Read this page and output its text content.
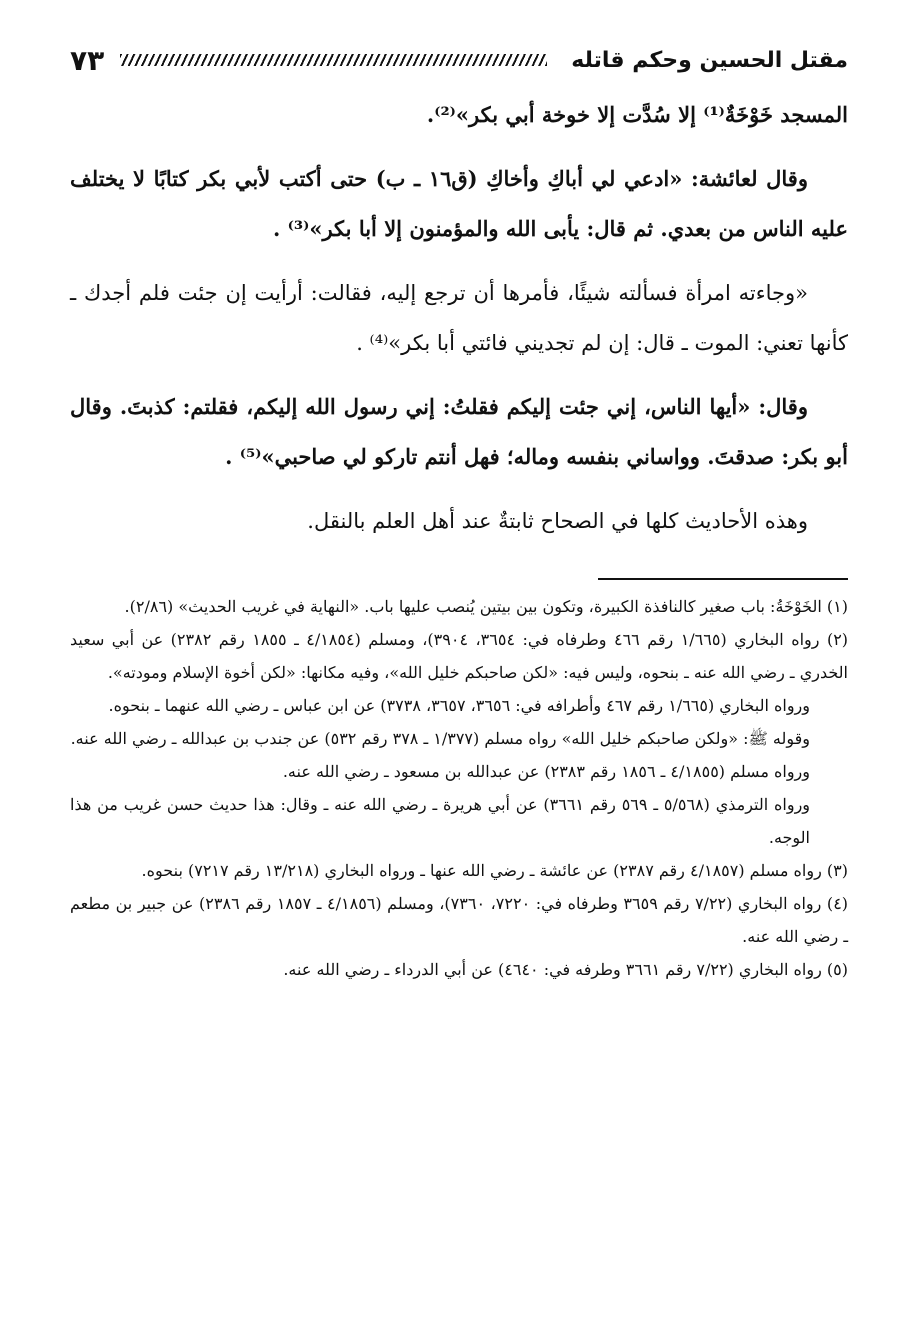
مقتل الحسين وحكم قاتله
٧٣

المسجد خَوْخَةٌ⁽¹⁾ إلا سُدَّت إلا خوخة أبي بكر»⁽²⁾.

وقال لعائشة: «ادعي لي أباكِ وأخاكِ (ق١٦ ـ ب) حتى أكتب لأبي بكر كتابًا لا يختلف عليه الناس من بعدي. ثم قال: يأبى الله والمؤمنون إلا أبا بكر»⁽³⁾ .

«وجاءته امرأة فسألته شيئًا، فأمرها أن ترجع إليه، فقالت: أرأيت إن جئت فلم أجدك ـ كأنها تعني: الموت ـ قال: إن لم تجديني فائتي أبا بكر»⁽⁴⁾ .

وقال: «أيها الناس، إني جئت إليكم فقلتُ: إني رسول الله إليكم، فقلتم: كذبتَ. وقال أبو بكر: صدقتَ. وواساني بنفسه وماله؛ فهل أنتم تاركو لي صاحبي»⁽⁵⁾ .

وهذه الأحاديث كلها في الصحاح ثابتةٌ عند أهل العلم بالنقل.

(١) الخَوْخَةُ: باب صغير كالنافذة الكبيرة، وتكون بين بيتين يُنصب عليها باب. «النهاية في غريب الحديث» (٢/٨٦).

(٢) رواه البخاري (١/٦٦٥ رقم ٤٦٦ وطرفاه في: ٣٦٥٤، ٣٩٠٤)، ومسلم (٤/١٨٥٤ ـ ١٨٥٥ رقم ٢٣٨٢) عن أبي سعيد الخدري ـ رضي الله عنه ـ بنحوه، وليس فيه: «لكن صاحبكم خليل الله»، وفيه مكانها: «لكن أخوة الإسلام ومودته».

ورواه البخاري (١/٦٦٥ رقم ٤٦٧ وأطرافه في: ٣٦٥٦، ٣٦٥٧، ٣٧٣٨) عن ابن عباس ـ رضي الله عنهما ـ بنحوه.

وقوله ﷺ: «ولكن صاحبكم خليل الله» رواه مسلم (١/٣٧٧ ـ ٣٧٨ رقم ٥٣٢) عن جندب بن عبدالله ـ رضي الله عنه.

ورواه مسلم (٤/١٨٥٥ ـ ١٨٥٦ رقم ٢٣٨٣) عن عبدالله بن مسعود ـ رضي الله عنه.

ورواه الترمذي (٥/٥٦٨ ـ ٥٦٩ رقم ٣٦٦١) عن أبي هريرة ـ رضي الله عنه ـ وقال: هذا حديث حسن غريب من هذا الوجه.

(٣) رواه مسلم (٤/١٨٥٧ رقم ٢٣٨٧) عن عائشة ـ رضي الله عنها ـ ورواه البخاري (١٣/٢١٨ رقم ٧٢١٧) بنحوه.

(٤) رواه البخاري (٧/٢٢ رقم ٣٦٥٩ وطرفاه في: ٧٢٢٠، ٧٣٦٠)، ومسلم (٤/١٨٥٦ ـ ١٨٥٧ رقم ٢٣٨٦) عن جبير بن مطعم ـ رضي الله عنه.

(٥) رواه البخاري (٧/٢٢ رقم ٣٦٦١ وطرفه في: ٤٦٤٠) عن أبي الدرداء ـ رضي الله عنه.
